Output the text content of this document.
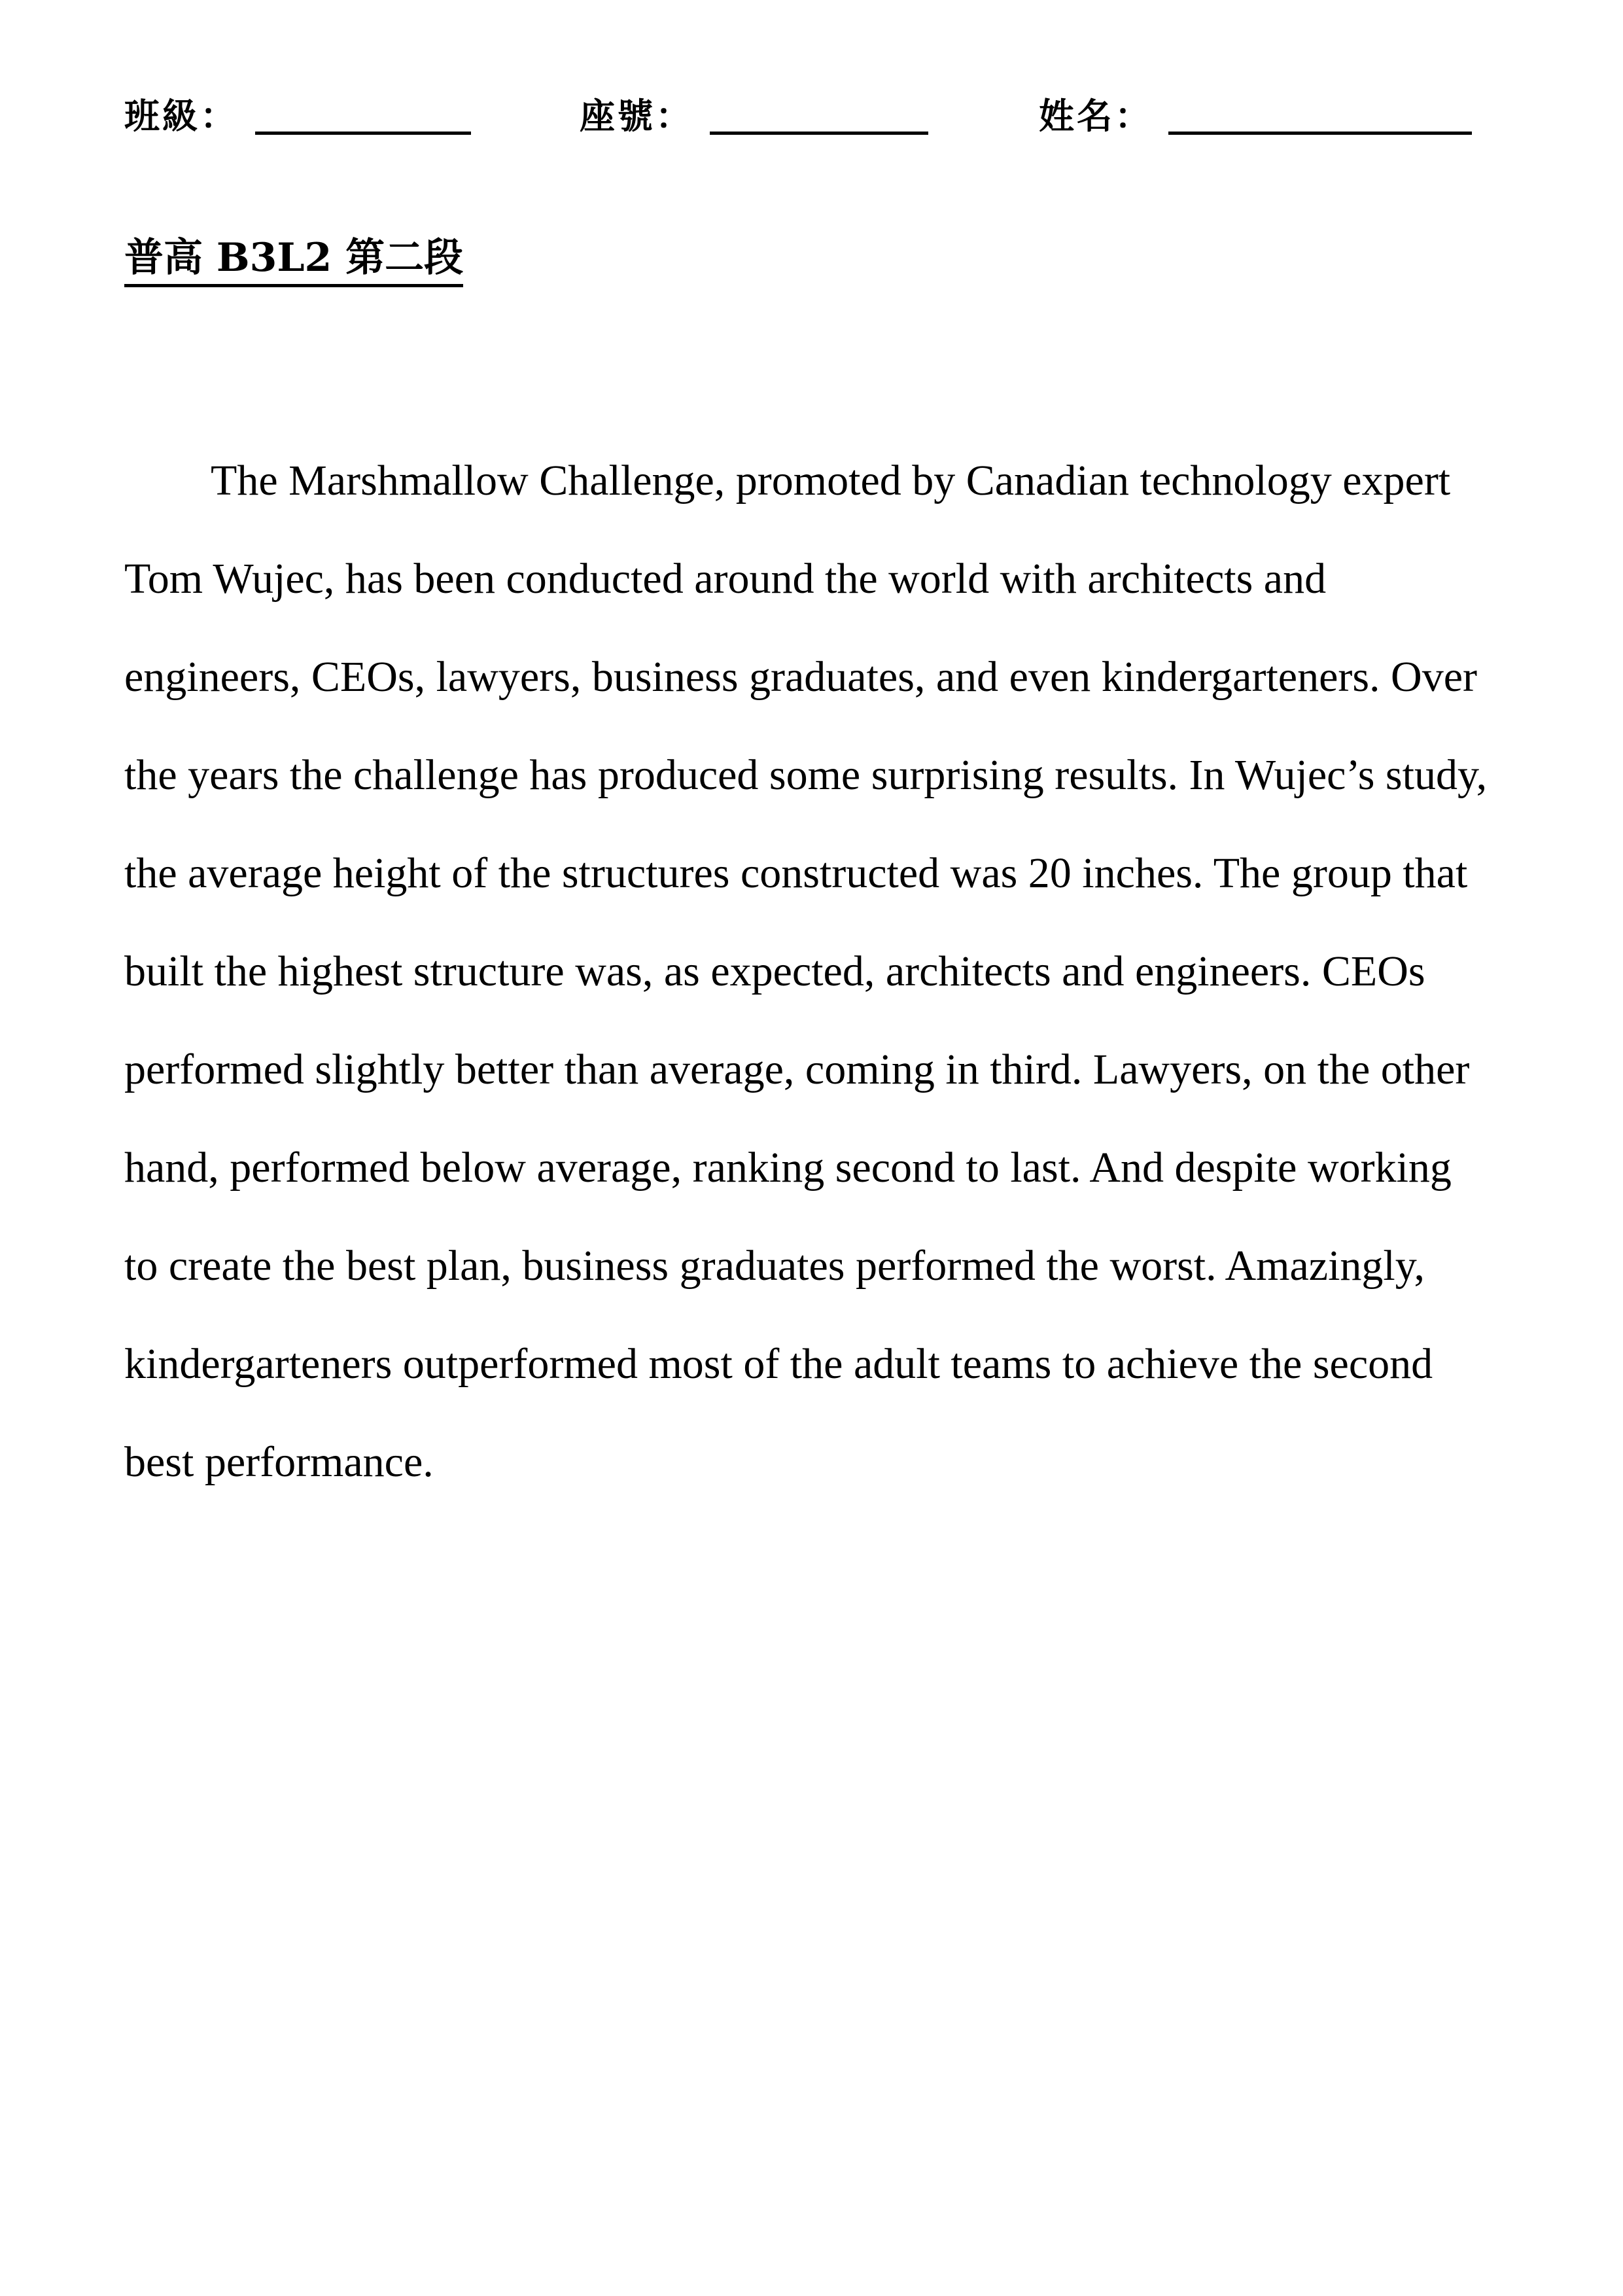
班級：	座號：	姓名：
普高 B3L2 第二段
The Marshmallow Challenge, promoted by Canadian technology expert
Tom Wujec, has been conducted around the world with architects and
engineers, CEOs, lawyers, business graduates, and even kindergarteners. Over
the years the challenge has produced some surprising results. In Wujec’s study,
the average height of the structures constructed was 20 inches. The group that
built the highest structure was, as expected, architects and engineers. CEOs
performed slightly better than average, coming in third. Lawyers, on the other
hand, performed below average, ranking second to last. And despite working
to create the best plan, business graduates performed the worst. Amazingly,
kindergarteners outperformed most of the adult teams to achieve the second
best performance.
